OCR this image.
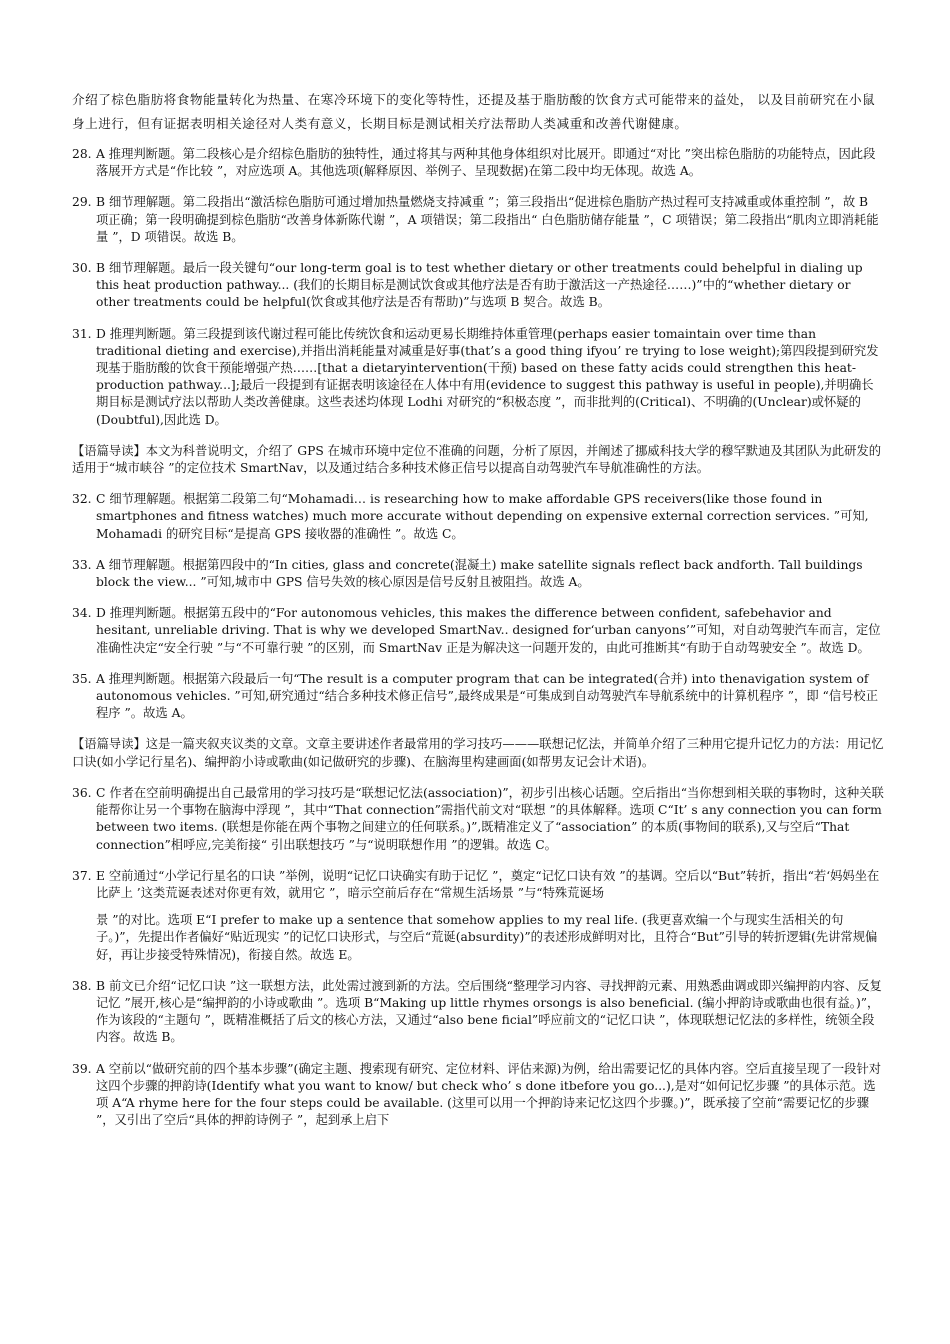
介绍了棕色脂肪将食物能量转化为热量、在寒冷环境下的变化等特性，还提及基于脂肪酸的饮食方式可能带来的益处， 以及目前研究在小鼠身上进行，但有证据表明相关途径对人类有意义，长期目标是测试相关疗法帮助人类减重和改善代谢健康。

28. A 推理判断题。第二段核心是介绍棕色脂肪的独特性，通过将其与两种其他身体组织对比展开。即通过“对比 ”突出棕色脂肪的功能特点，因此段落展开方式是“作比较 ”，对应选项 A。其他选项(解释原因、举例子、呈现数据)在第二段中均无体现。故选 A。

29. B 细节理解题。第二段指出“激活棕色脂肪可通过增加热量燃烧支持减重 ”；第三段指出“促进棕色脂肪产热过程可支持减重或体重控制 ”，故 B 项正确；第一段明确提到棕色脂肪“改善身体新陈代谢 ”，A 项错误；第二段指出“ 白色脂肪储存能量 ”，C 项错误；第二段指出“肌肉立即消耗能量 ”，D 项错误。故选 B。

30. B 细节理解题。最后一段关键句“our long-term goal is to test whether dietary or other treatments could behelpful in dialing up this heat production pathway... (我们的长期目标是测试饮食或其他疗法是否有助于激活这一产热途径……)”中的“whether dietary or other treatments could be helpful(饮食或其他疗法是否有帮助)”与选项 B 契合。故选 B。

31. D 推理判断题。第三段提到该代谢过程可能比传统饮食和运动更易长期维持体重管理(perhaps easier tomaintain over time than traditional dieting and exercise),并指出消耗能量对减重是好事(that’s a good thing ifyou’ re trying to lose weight);第四段提到研究发现基于脂肪酸的饮食干预能增强产热……[that a dietaryintervention(干预) based on these fatty acids could strengthen this heat-production pathway...];最后一段提到有证据表明该途径在人体中有用(evidence to suggest this pathway is useful in people),并明确长期目标是测试疗法以帮助人类改善健康。这些表述均体现 Lodhi 对研究的“积极态度 ”，而非批判的(Critical)、不明确的(Unclear)或怀疑的(Doubtful),因此选 D。

【语篇导读】本文为科普说明文，介绍了 GPS 在城市环境中定位不准确的问题，分析了原因，并阐述了挪威科技大学的穆罕默迪及其团队为此研发的适用于“城市峡谷 ”的定位技术 SmartNav，以及通过结合多种技术修正信号以提高自动驾驶汽车导航准确性的方法。

32. C 细节理解题。根据第二段第二句“Mohamadi… is researching how to make affordable GPS receivers(like those found in smartphones and fitness watches) much more accurate without depending on expensive external correction services. ”可知, Mohamadi 的研究目标“是提高 GPS 接收器的准确性 ”。故选 C。

33. A 细节理解题。根据第四段中的“In cities, glass and concrete(混凝土) make satellite signals reflect back andforth. Tall buildings block the view... ”可知,城市中 GPS 信号失效的核心原因是信号反射且被阻挡。故选 A。

34. D 推理判断题。根据第五段中的“For autonomous vehicles, this makes the difference between confident, safebehavior and hesitant, unreliable driving. That is why we developed SmartNav.. designed for‘urban canyons’”可知，对自动驾驶汽车而言，定位准确性决定“安全行驶 ”与“不可靠行驶 ”的区别，而 SmartNav 正是为解决这一问题开发的，由此可推断其“有助于自动驾驶安全 ”。故选 D。

35. A 推理判断题。根据第六段最后一句“The result is a computer program that can be integrated(合并) into thenavigation system of autonomous vehicles. ”可知,研究通过“结合多种技术修正信号”,最终成果是“可集成到自动驾驶汽车导航系统中的计算机程序 ”，即 “信号校正程序 ”。故选 A。

【语篇导读】这是一篇夹叙夹议类的文章。文章主要讲述作者最常用的学习技巧———联想记忆法，并简单介绍了三种用它提升记忆力的方法：用记忆口诀(如小学记行星名)、编押韵小诗或歌曲(如记做研究的步骤)、在脑海里构建画面(如帮男友记会计术语)。

36. C 作者在空前明确提出自己最常用的学习技巧是“联想记忆法(association)”，初步引出核心话题。空后指出“当你想到相关联的事物时，这种关联能帮你让另一个事物在脑海中浮现 ”，其中“That connection”需指代前文对“联想 ”的具体解释。选项 C“It’ s any connection you can form between two items. (联想是你能在两个事物之间建立的任何联系。)”,既精准定义了“association” 的本质(事物间的联系),又与空后“That connection”相呼应,完美衔接“ 引出联想技巧 ”与“说明联想作用 ”的逻辑。故选 C。

37. E 空前通过“小学记行星名的口诀 ”举例，说明“记忆口诀确实有助于记忆 ”，奠定“记忆口诀有效 ”的基调。空后以“But”转折，指出“若‘妈妈坐在比萨上 ’这类荒诞表述对你更有效，就用它 ”，暗示空前后存在“常规生活场景 ”与“特殊荒诞场

景 ”的对比。选项 E“I prefer to make up a sentence that somehow applies to my real life. (我更喜欢编一个与现实生活相关的句子。)”，先提出作者偏好“贴近现实 ”的记忆口诀形式，与空后“荒诞(absurdity)”的表述形成鲜明对比，且符合“But”引导的转折逻辑(先讲常规偏好，再让步接受特殊情况)，衔接自然。故选 E。

38. B 前文已介绍“记忆口诀 ”这一联想方法，此处需过渡到新的方法。空后围绕“整理学习内容、寻找押韵元素、用熟悉曲调或即兴编押韵内容、反复记忆 ”展开,核心是“编押韵的小诗或歌曲 ”。选项 B“Making up little rhymes orsongs is also beneficial. (编小押韵诗或歌曲也很有益。)”，作为该段的“主题句 ”，既精准概括了后文的核心方法，又通过“also bene ficial”呼应前文的“记忆口诀 ”，体现联想记忆法的多样性，统领全段内容。故选 B。

39. A 空前以“做研究前的四个基本步骤”(确定主题、搜索现有研究、定位材料、评估来源)为例，给出需要记忆的具体内容。空后直接呈现了一段针对这四个步骤的押韵诗(Identify what you want to know/ but check who’ s done itbefore you go...),是对“如何记忆步骤 ”的具体示范。选项 A“A rhyme here for the four steps could be available. (这里可以用一个押韵诗来记忆这四个步骤。)”，既承接了空前“需要记忆的步骤 ”，又引出了空后“具体的押韵诗例子 ”，起到承上启下
